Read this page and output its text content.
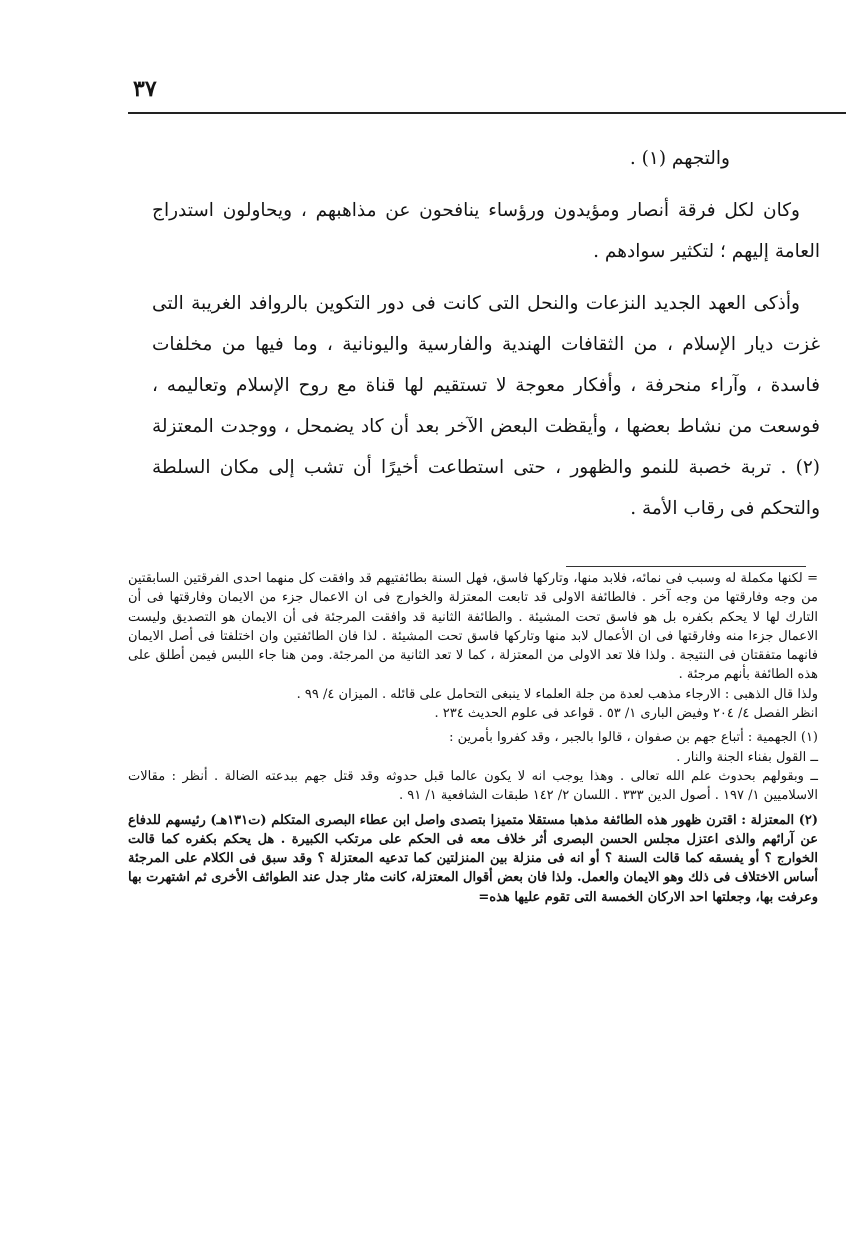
٣٧

والتجهم (١) .

وكان لكل فرقة أنصار ومؤيدون ورؤساء ينافحون عن مذاهبهم ، ويحاولون استدراج العامة إليهم ؛ لتكثير سوادهم .

وأذكى العهد الجديد النزعات والنحل التى كانت فى دور التكوين بالروافد الغريبة التى غزت ديار الإسلام ، من الثقافات الهندية والفارسية واليونانية ، وما فيها من مخلفات فاسدة ، وآراء منحرفة ، وأفكار معوجة لا تستقيم لها قناة مع روح الإسلام وتعاليمه ، فوسعت من نشاط بعضها ، وأيقظت البعض الآخر بعد أن كاد يضمحل ، ووجدت المعتزلة (٢) . تربة خصبة للنمو والظهور ، حتى استطاعت أخيرًا أن تشب إلى مكان السلطة والتحكم فى رقاب الأمة .

= لكنها مكملة له وسبب فى نمائه، فلابد منها، وتاركها فاسق، فهل السنة بطائفتيهم قد وافقت كل منهما احدى الفرقتين السابقتين من وجه وفارقتها من وجه آخر . فالطائفة الاولى قد تابعت المعتزلة والخوارج فى ان الاعمال جزء من الايمان وفارقتها فى أن التارك لها لا يحكم بكفره بل هو فاسق تحت المشيئة . والطائفة الثانية قد وافقت المرجئة فى أن الايمان هو التصديق وليست الاعمال جزءا منه وفارقتها فى ان الأعمال لابد منها وتاركها فاسق تحت المشيئة . لذا فان الطائفتين وان اختلفتا فى أصل الايمان فانهما متفقتان فى النتيجة . ولذا فلا تعد الاولى من المعتزلة ، كما لا تعد الثانية من المرجئة. ومن هنا جاء اللبس فيمن أطلق على هذه الطائفة بأنهم مرجئة .

ولذا قال الذهبى : الارجاء مذهب لعدة من جلة العلماء لا ينبغى التحامل على قائله . الميزان ٤/ ٩٩ .

انظر الفصل ٤/ ٢٠٤ وفيض البارى ١/ ٥٣ . قواعد فى علوم الحديث ٢٣٤ .

(١) الجهمية : أتباع جهم بن صفوان ، قالوا بالجبر ، وقد كفروا بأمرين :

ــ القول بفناء الجنة والنار .

ــ وبقولهم بحدوث علم الله تعالى . وهذا يوجب انه لا يكون عالما قبل حدوثه وقد قتل جهم ببدعته الضالة . أنظر : مقالات الاسلاميين ١/ ١٩٧ . أصول الدين ٣٣٣ . اللسان ٢/ ١٤٢ طبقات الشافعية ١/ ٩١ .

(٢) المعتزلة : اقترن ظهور هذه الطائفة مذهبا مستقلا متميزا بتصدى واصل ابن عطاء البصرى المتكلم (ت١٣١هـ) رئيسهم للدفاع عن آرائهم والذى اعتزل مجلس الحسن البصرى أثر خلاف معه فى الحكم على مرتكب الكبيرة . هل يحكم بكفره كما قالت الخوارج ؟ أو يفسقه كما قالت السنة ؟ أو انه فى منزلة بين المنزلتين كما تدعيه المعتزلة ؟ وقد سبق فى الكلام على المرجئة أساس الاختلاف فى ذلك وهو الايمان والعمل. ولذا فان بعض أقوال المعتزلة، كانت مثار جدل عند الطوائف الأخرى ثم اشتهرت بها وعرفت بها، وجعلتها احد الاركان الخمسة التى تقوم عليها هذه=
